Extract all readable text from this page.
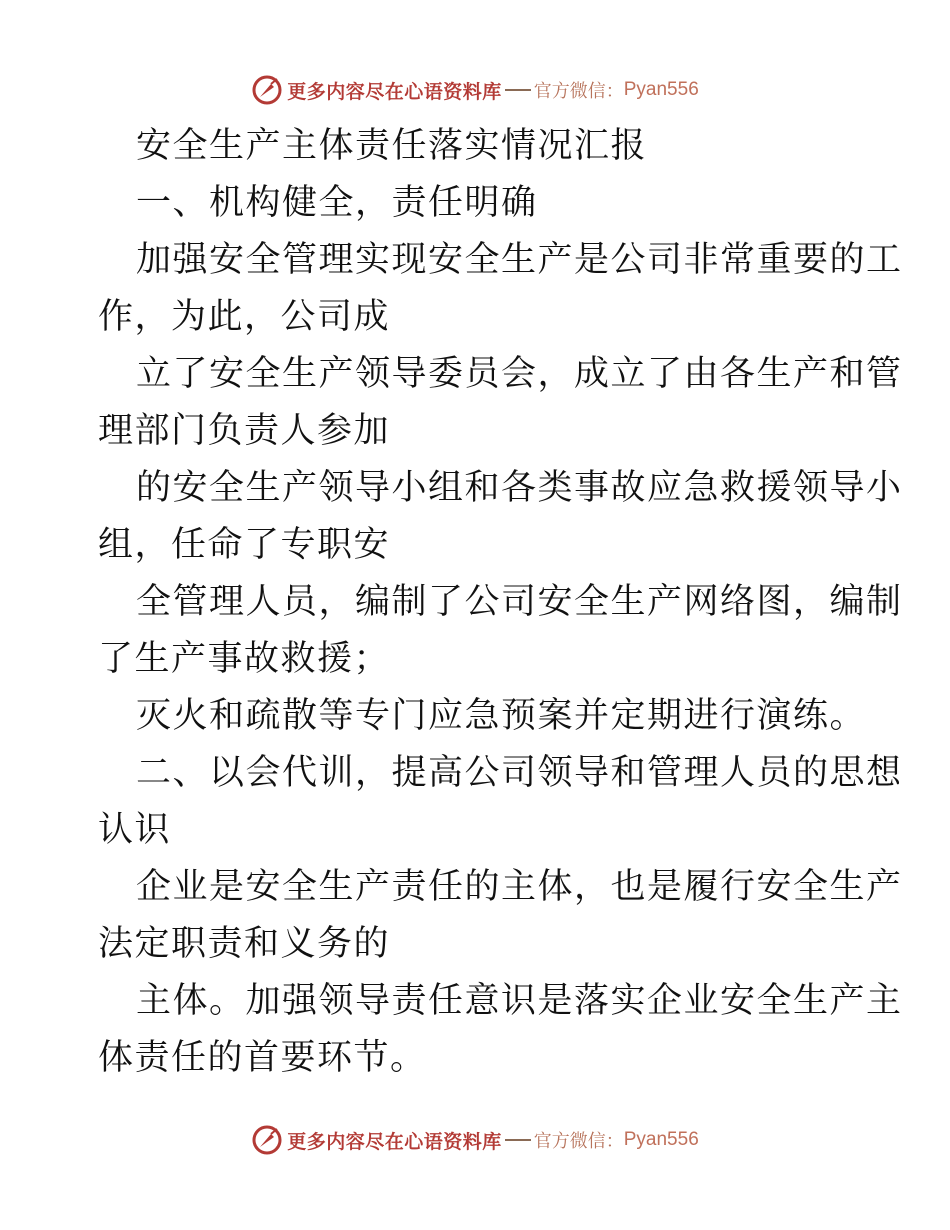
更多内容尽在心语资料库 官方微信： Pyan556
安全生产主体责任落实情况汇报
一、机构健全，责任明确
加强安全管理实现安全生产是公司非常重要的工
作，为此，公司成
立了安全生产领导委员会，成立了由各生产和管
理部门负责人参加
的安全生产领导小组和各类事故应急救援领导小
组，任命了专职安
全管理人员，编制了公司安全生产网络图，编制
了生产事故救援；
灭火和疏散等专门应急预案并定期进行演练。
二、以会代训，提高公司领导和管理人员的思想
认识
企业是安全生产责任的主体，也是履行安全生产
法定职责和义务的
主体。加强领导责任意识是落实企业安全生产主
体责任的首要环节。
更多内容尽在心语资料库 官方微信： Pyan556
